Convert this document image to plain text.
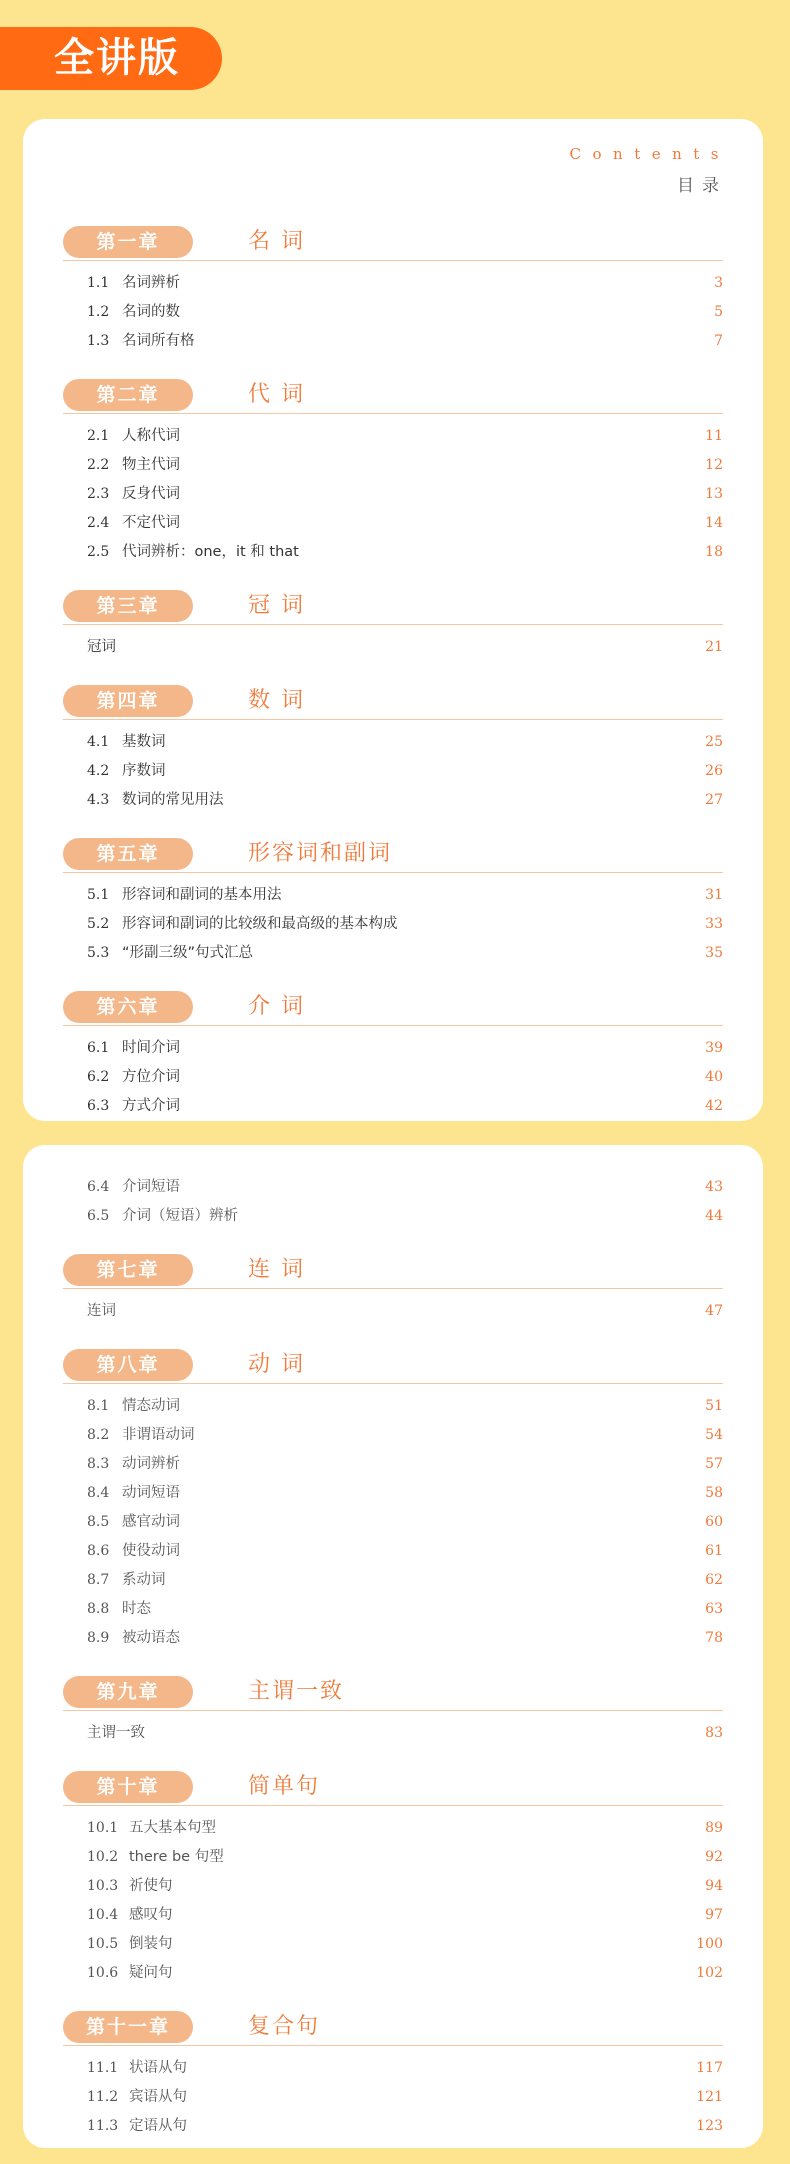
全讲版
Contents
目录
第一章	名 词
1.1 名词辨析	3
1.2 名词的数	5
1.3 名词所有格	7
第二章	代 词
2.1 人称代词	11
2.2 物主代词	12
2.3 反身代词	13
2.4 不定代词	14
2.5 代词辨析：one，it 和 that	18
第三章	冠 词
冠词	21
第四章	数 词
4.1 基数词	25
4.2 序数词	26
4.3 数词的常见用法	27
第五章	形容词和副词
5.1 形容词和副词的基本用法	31
5.2 形容词和副词的比较级和最高级的基本构成	33
5.3 “形副三级”句式汇总	35
第六章	介 词
6.1 时间介词	39
6.2 方位介词	40
6.3 方式介词	42
6.4 介词短语	43
6.5 介词（短语）辨析	44
第七章	连 词
连词	47
第八章	动 词
8.1 情态动词	51
8.2 非谓语动词	54
8.3 动词辨析	57
8.4 动词短语	58
8.5 感官动词	60
8.6 使役动词	61
8.7 系动词	62
8.8 时态	63
8.9 被动语态	78
第九章	主谓一致
主谓一致	83
第十章	简单句
10.1 五大基本句型	89
10.2 there be 句型	92
10.3 祈使句	94
10.4 感叹句	97
10.5 倒装句	100
10.6 疑问句	102
第十一章	复合句
11.1 状语从句	117
11.2 宾语从句	121
11.3 定语从句	123
